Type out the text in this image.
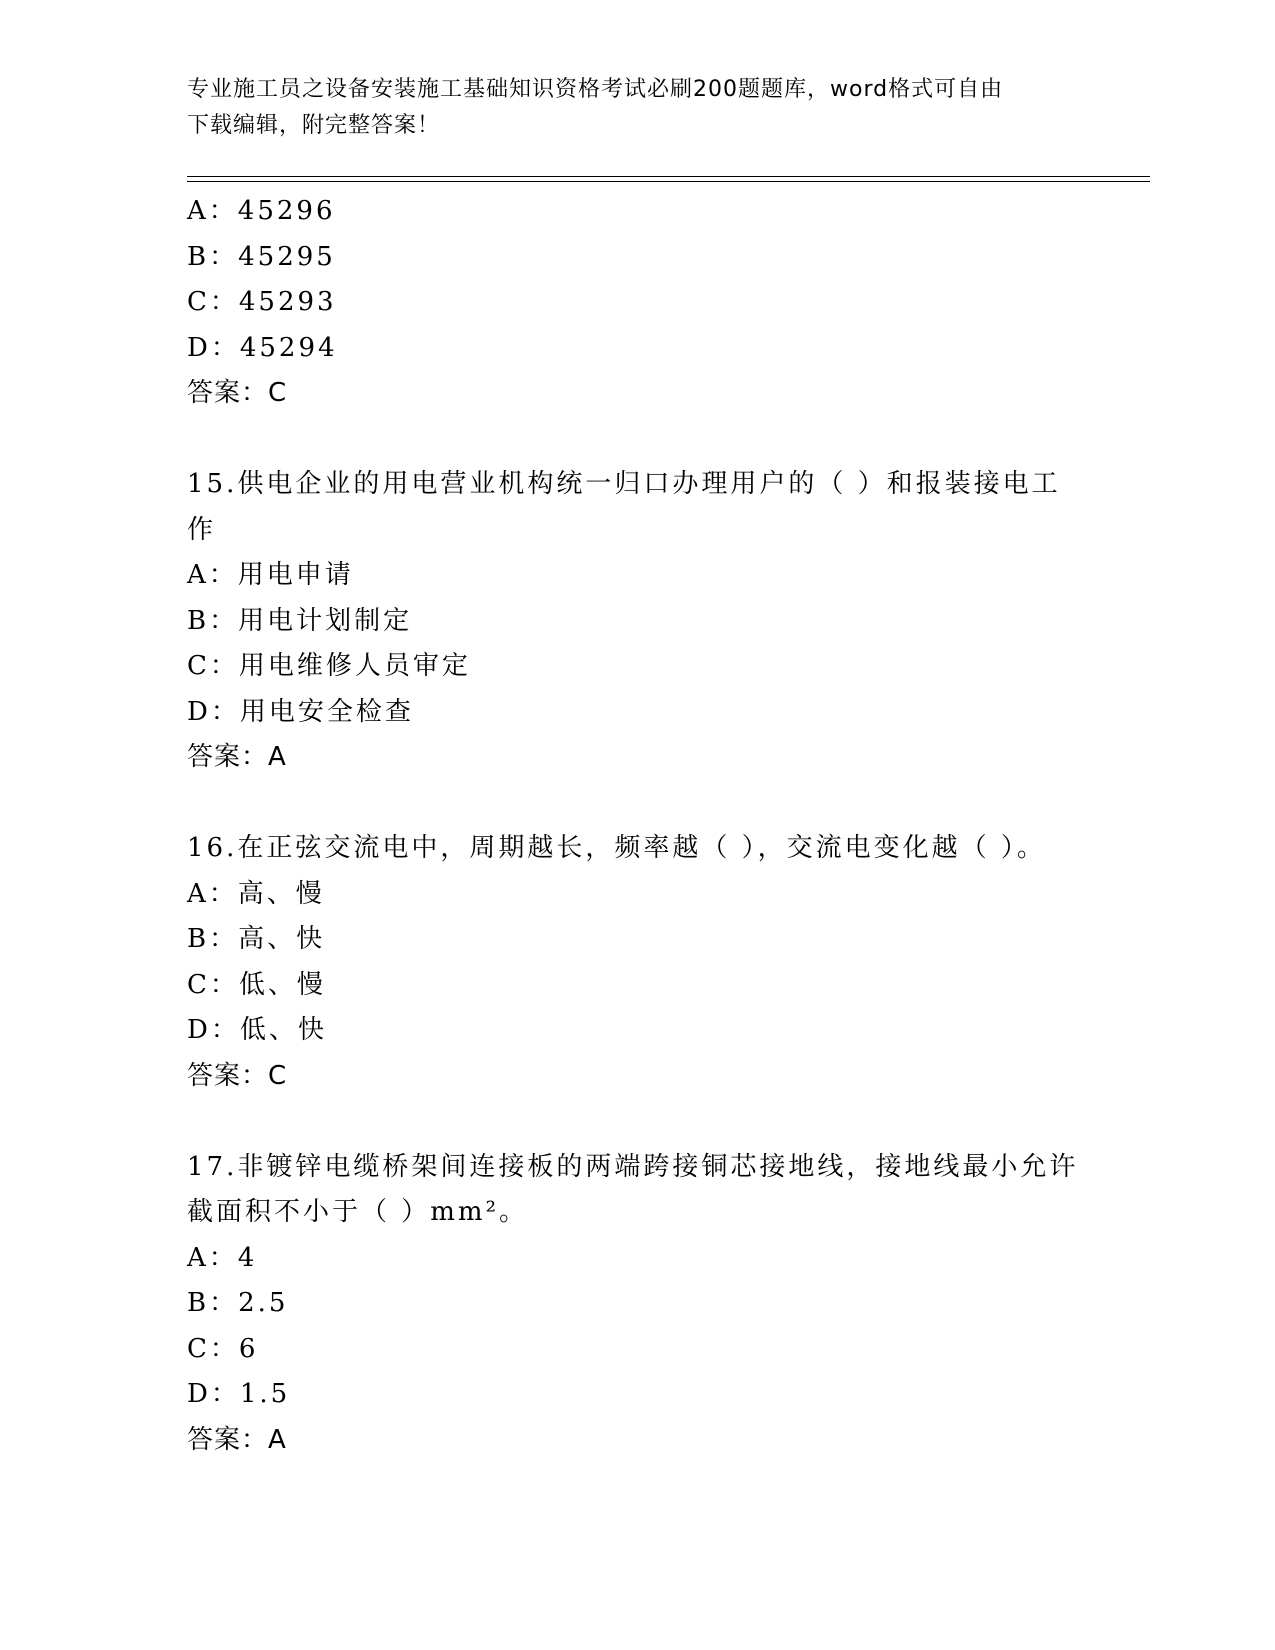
专业施工员之设备安装施工基础知识资格考试必刷200题题库，word格式可自由
下载编辑，附完整答案！
A：45296
B：45295
C：45293
D：45294
答案：C
15.供电企业的用电营业机构统一归口办理用户的（ ）和报装接电工
作
A：用电申请
B：用电计划制定
C：用电维修人员审定
D：用电安全检查
答案：A
16.在正弦交流电中，周期越长，频率越（ ），交流电变化越（ ）。
A：高、慢
B：高、快
C：低、慢
D：低、快
答案：C
17.非镀锌电缆桥架间连接板的两端跨接铜芯接地线，接地线最小允许
截面积不小于（ ）mm²。
A：4
B：2.5
C：6
D：1.5
答案：A
